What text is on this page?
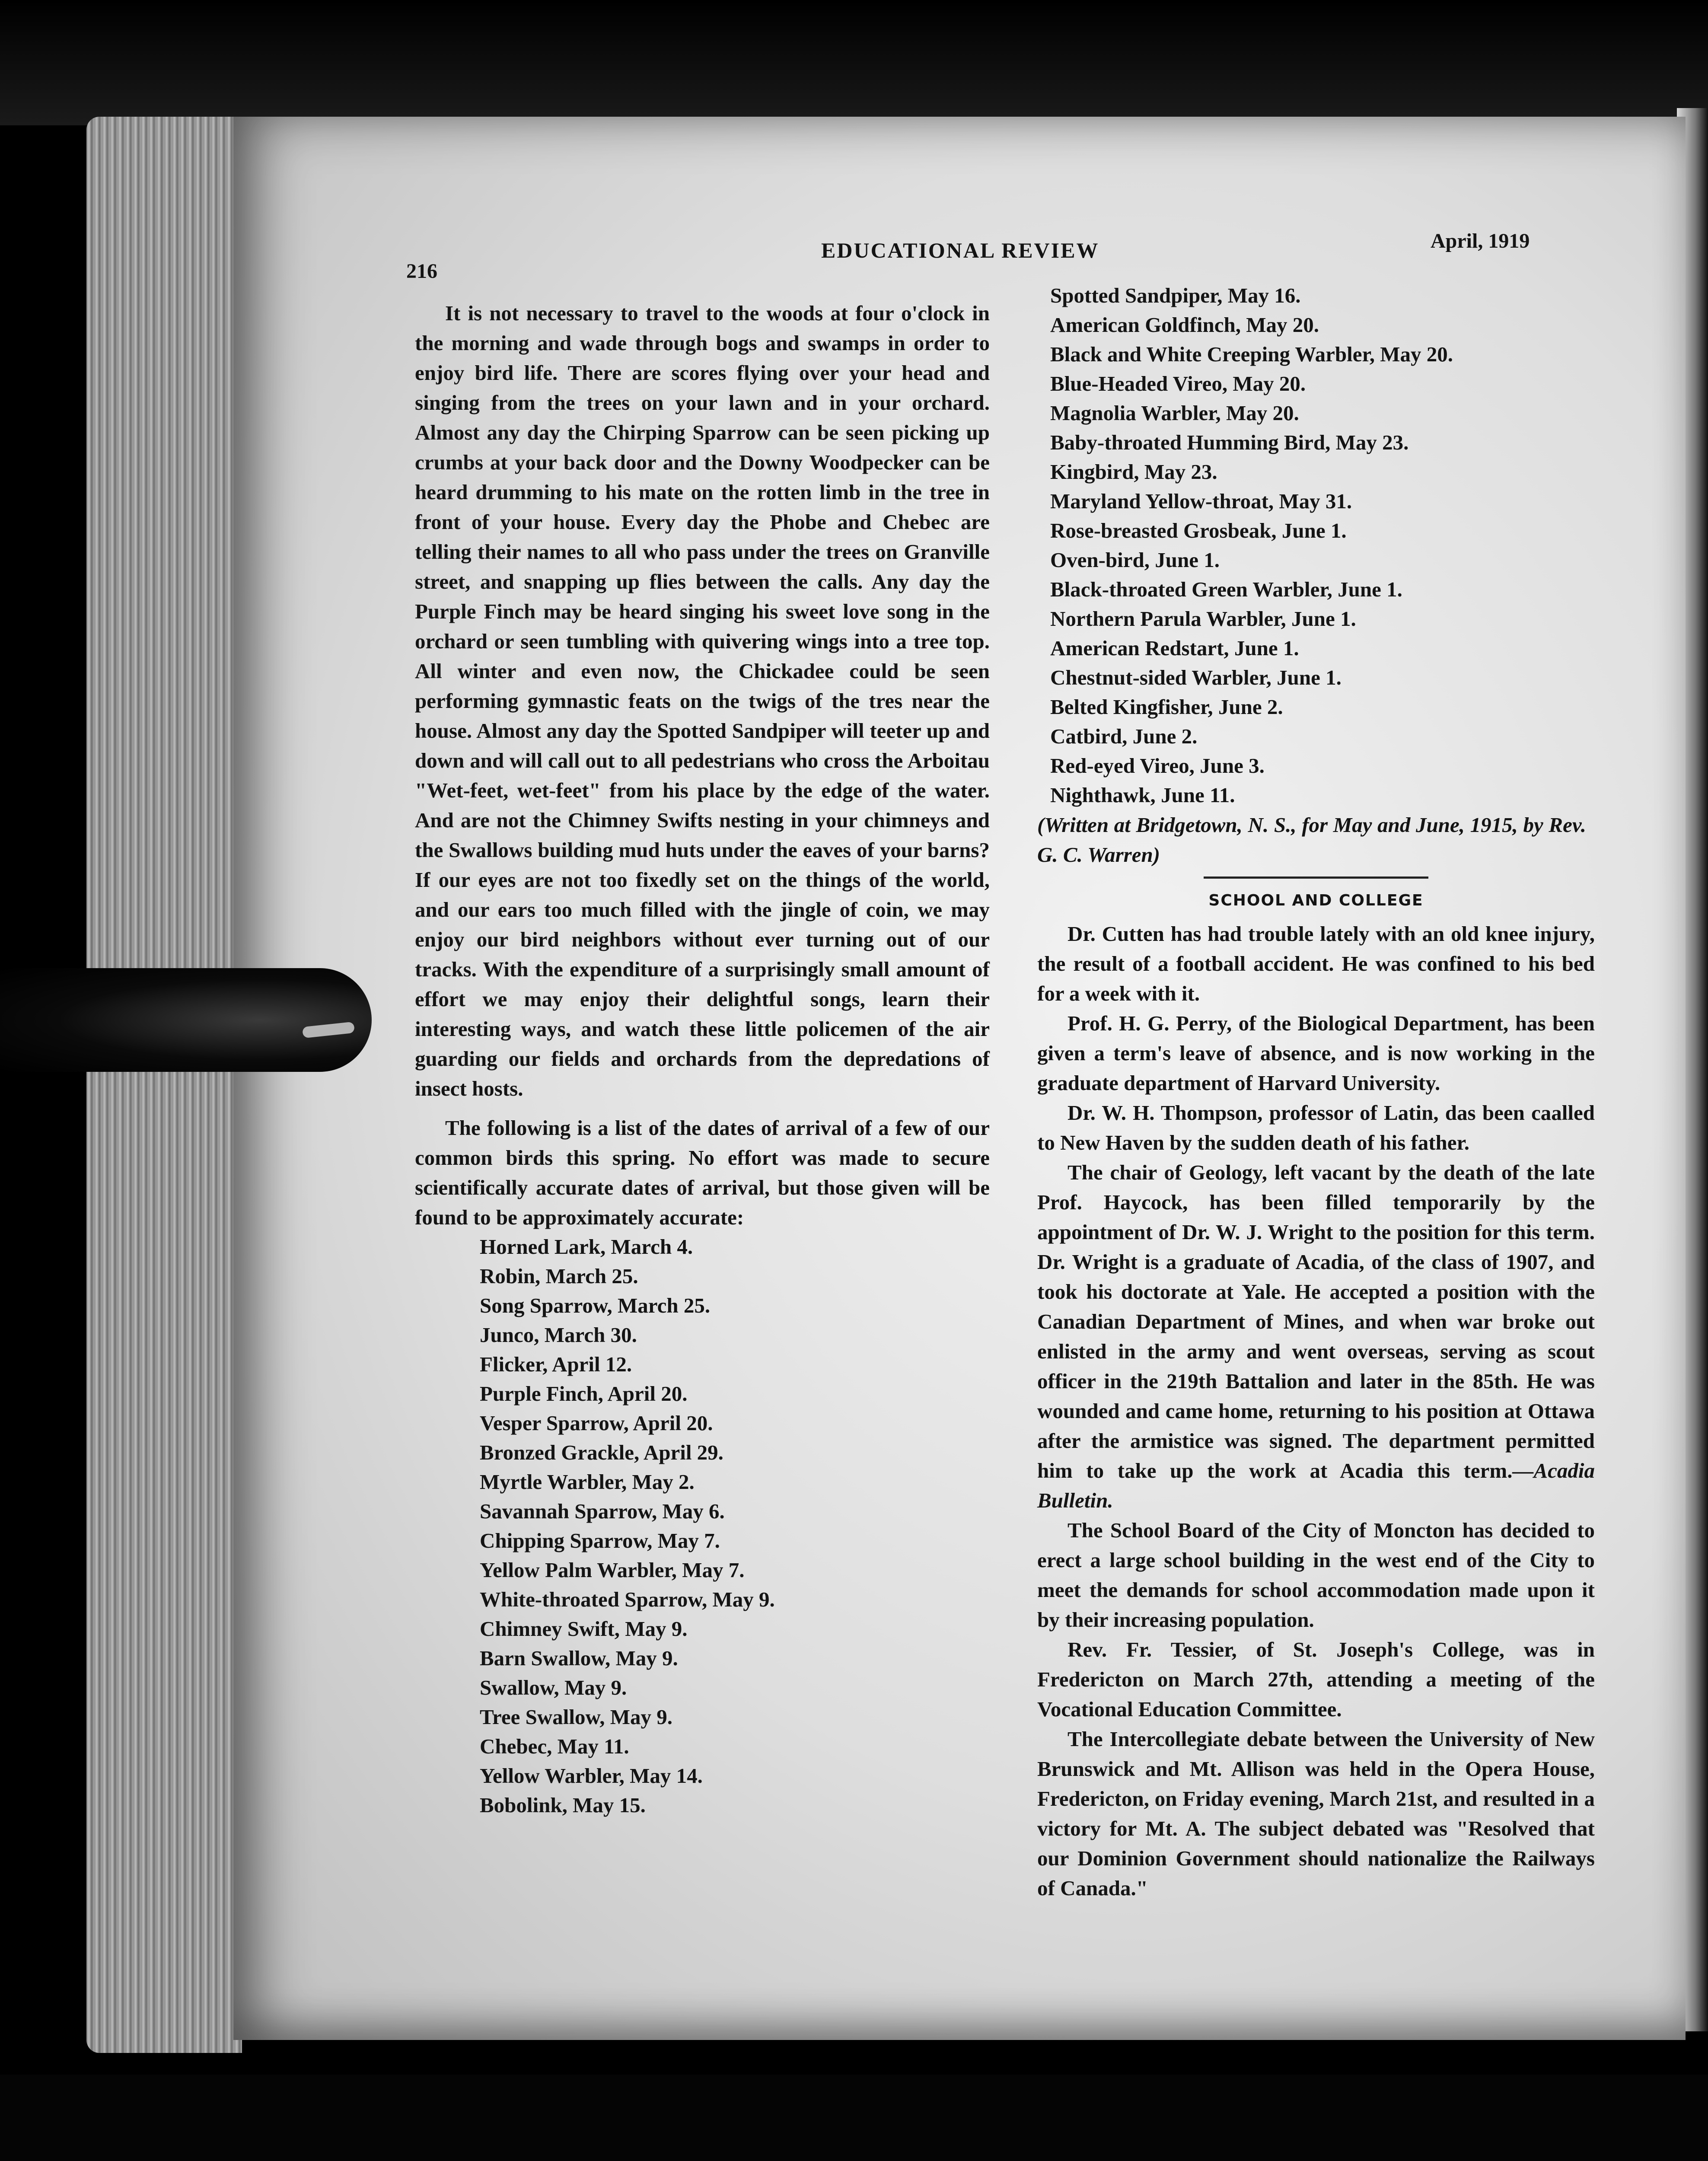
216
EDUCATIONAL REVIEW	April, 1919

It is not necessary to travel to the woods at four o'clock in the morning and wade through bogs and swamps in order to enjoy bird life. There are scores flying over your head and singing from the trees on your lawn and in your orchard. Almost any day the Chirping Sparrow can be seen picking up crumbs at your back door and the Downy Woodpecker can be heard drumming to his mate on the rotten limb in the tree in front of your house. Every day the Phobe and Chebec are telling their names to all who pass under the trees on Granville street, and snapping up flies between the calls. Any day the Purple Finch may be heard singing his sweet love song in the orchard or seen tumbling with quivering wings into a tree top. All winter and even now, the Chickadee could be seen performing gymnastic feats on the twigs of the tres near the house. Almost any day the Spotted Sandpiper will teeter up and down and will call out to all pedestrians who cross the Arboitau "Wet-feet, wet-feet" from his place by the edge of the water. And are not the Chimney Swifts nesting in your chimneys and the Swallows building mud huts under the eaves of your barns? If our eyes are not too fixedly set on the things of the world, and our ears too much filled with the jingle of coin, we may enjoy our bird neighbors without ever turning out of our tracks. With the expenditure of a surprisingly small amount of effort we may enjoy their delightful songs, learn their interesting ways, and watch these little policemen of the air guarding our fields and orchards from the depredations of insect hosts.

The following is a list of the dates of arrival of a few of our common birds this spring. No effort was made to secure scientifically accurate dates of arrival, but those given will be found to be approximately accurate:

Horned Lark, March 4.
Robin, March 25.
Song Sparrow, March 25.
Junco, March 30.
Flicker, April 12.
Purple Finch, April 20.
Vesper Sparrow, April 20.
Bronzed Grackle, April 29.
Myrtle Warbler, May 2.
Savannah Sparrow, May 6.
Chipping Sparrow, May 7.
Yellow Palm Warbler, May 7.
White-throated Sparrow, May 9.
Chimney Swift, May 9.
Barn Swallow, May 9.
Swallow, May 9.
Tree Swallow, May 9.
Chebec, May 11.
Yellow Warbler, May 14.
Bobolink, May 15.
Spotted Sandpiper, May 16.
American Goldfinch, May 20.
Black and White Creeping Warbler, May 20.
Blue-Headed Vireo, May 20.
Magnolia Warbler, May 20.
Baby-throated Humming Bird, May 23.
Kingbird, May 23.
Maryland Yellow-throat, May 31.
Rose-breasted Grosbeak, June 1.
Oven-bird, June 1.
Black-throated Green Warbler, June 1.
Northern Parula Warbler, June 1.
American Redstart, June 1.
Chestnut-sided Warbler, June 1.
Belted Kingfisher, June 2.
Catbird, June 2.
Red-eyed Vireo, June 3.
Nighthawk, June 11.

(Written at Bridgetown, N. S., for May and June, 1915, by Rev. G. C. Warren)

SCHOOL AND COLLEGE

Dr. Cutten has had trouble lately with an old knee injury, the result of a football accident. He was confined to his bed for a week with it.

Prof. H. G. Perry, of the Biological Department, has been given a term's leave of absence, and is now working in the graduate department of Harvard University.

Dr. W. H. Thompson, professor of Latin, das been caalled to New Haven by the sudden death of his father.

The chair of Geology, left vacant by the death of the late Prof. Haycock, has been filled temporarily by the appointment of Dr. W. J. Wright to the position for this term. Dr. Wright is a graduate of Acadia, of the class of 1907, and took his doctorate at Yale. He accepted a position with the Canadian Department of Mines, and when war broke out enlisted in the army and went overseas, serving as scout officer in the 219th Battalion and later in the 85th. He was wounded and came home, returning to his position at Ottawa after the armistice was signed. The department permitted him to take up the work at Acadia this term.—Acadia Bulletin.

The School Board of the City of Moncton has decided to erect a large school building in the west end of the City to meet the demands for school accommodation made upon it by their increasing population.

Rev. Fr. Tessier, of St. Joseph's College, was in Fredericton on March 27th, attending a meeting of the Vocational Education Committee.

The Intercollegiate debate between the University of New Brunswick and Mt. Allison was held in the Opera House, Fredericton, on Friday evening, March 21st, and resulted in a victory for Mt. A. The subject debated was "Resolved that our Dominion Government should nationalize the Railways of Canada."
